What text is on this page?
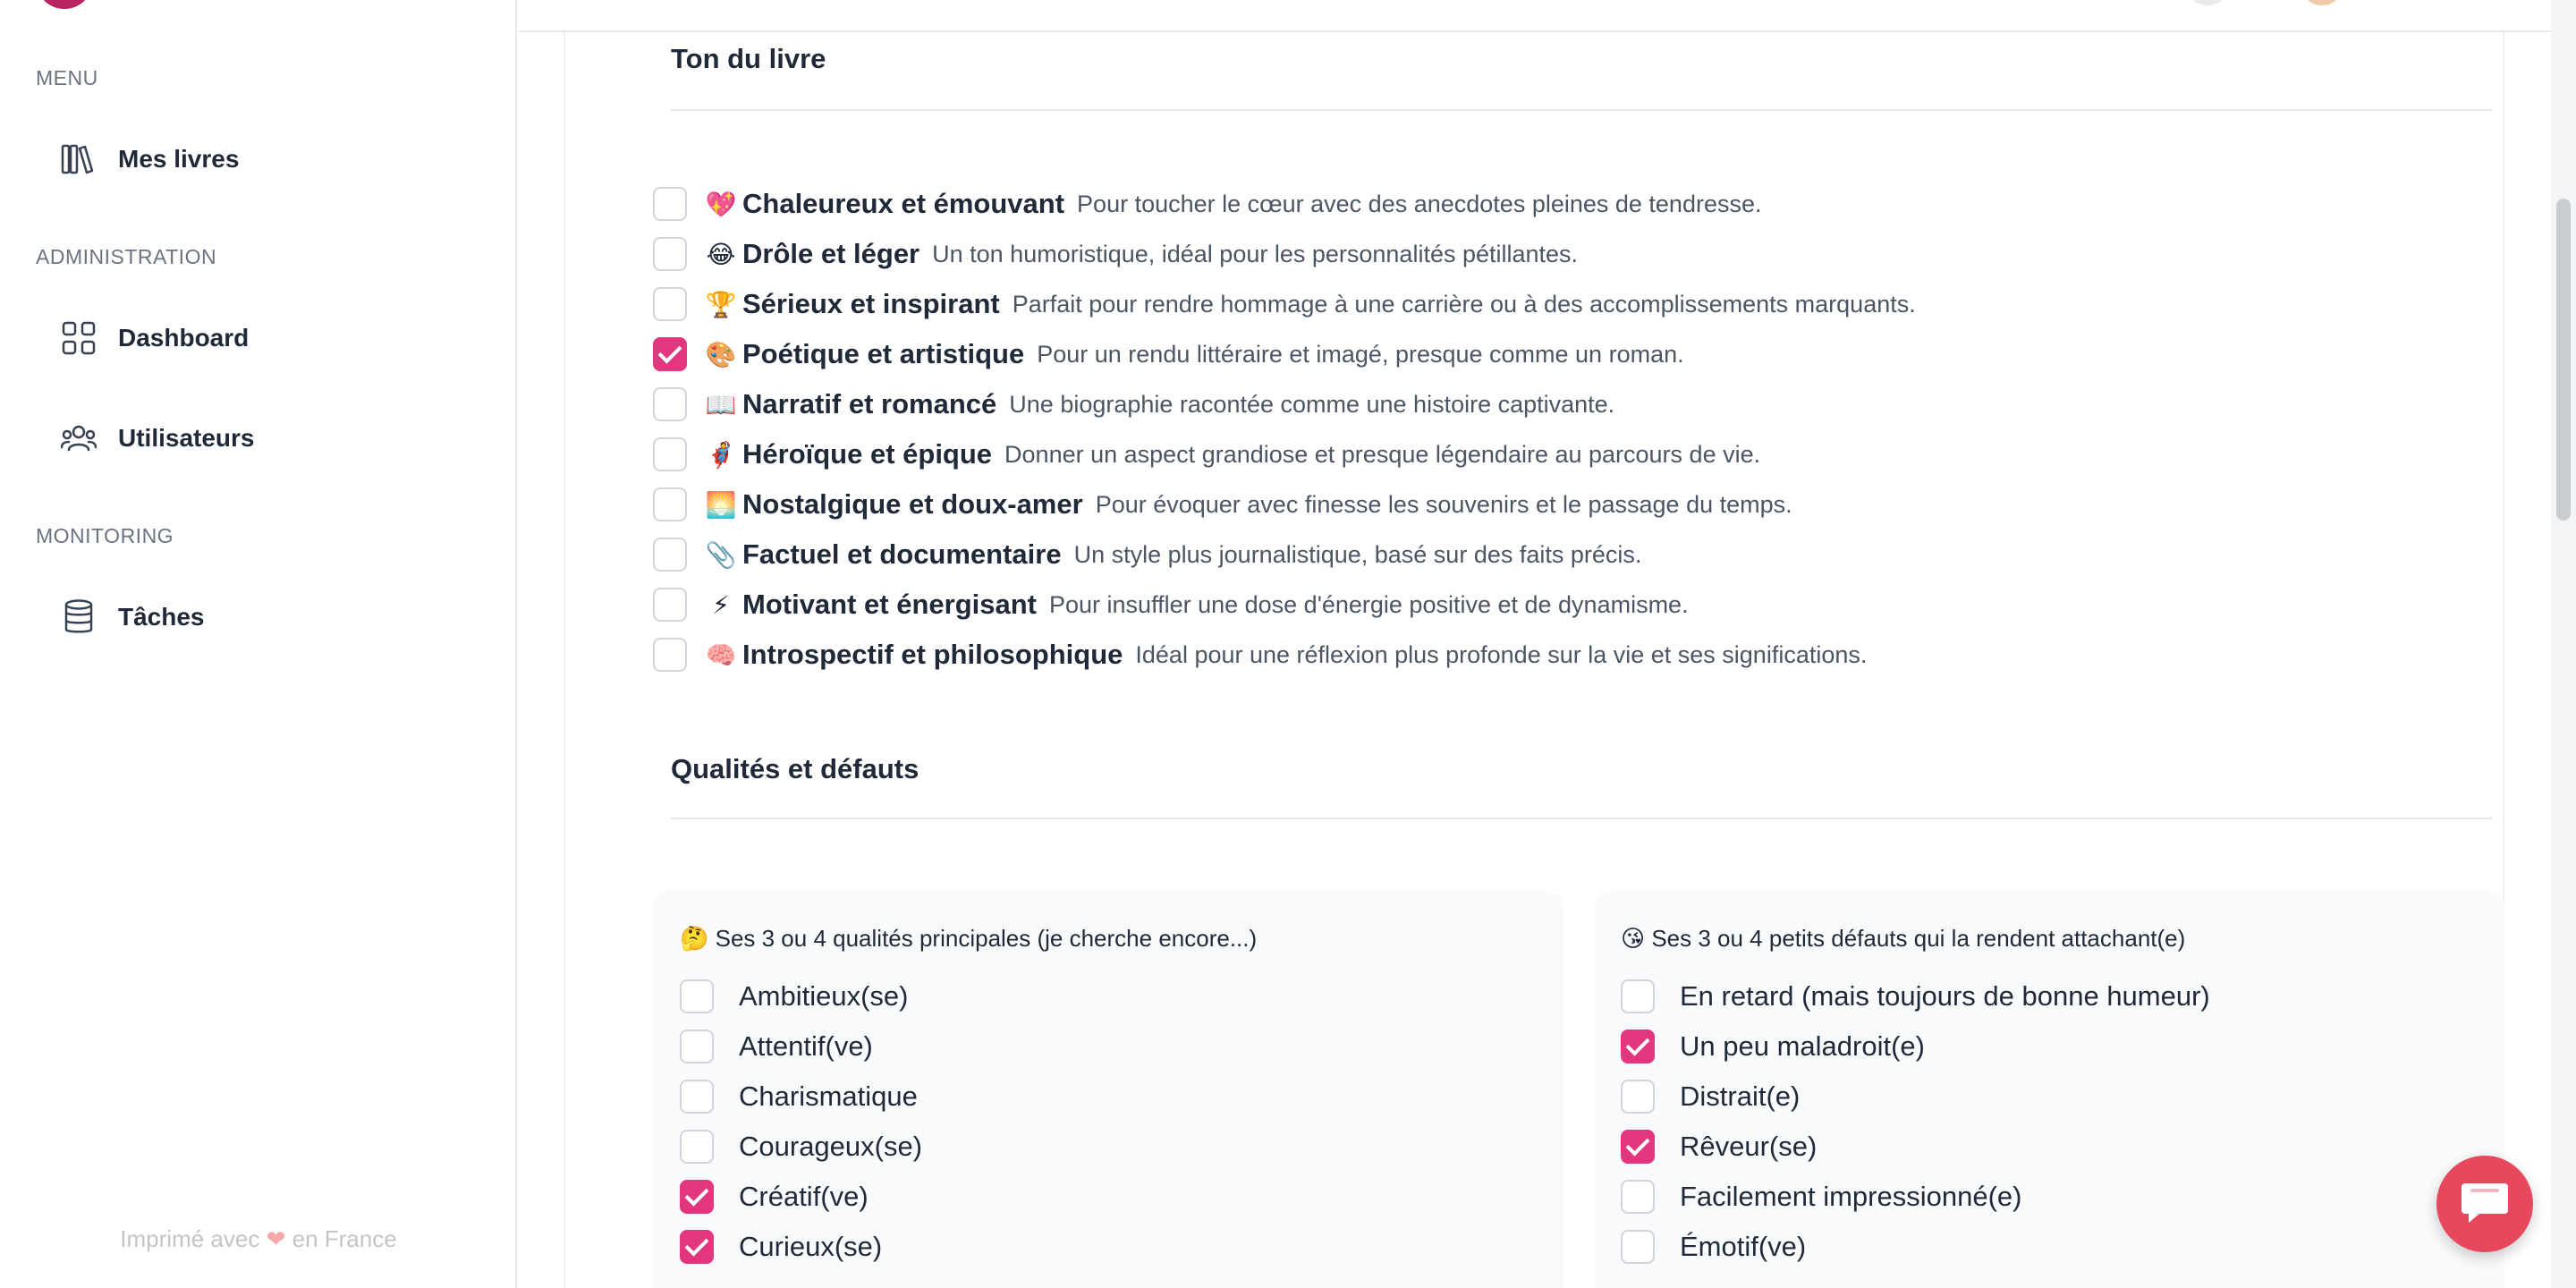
MENU
Mes livres
ADMINISTRATION
Dashboard
Utilisateurs
MONITORING
Tâches
Imprimé avec ❤ en France
Ton du livre
💖 Chaleureux et émouvant Pour toucher le cœur avec des anecdotes pleines de tendresse.
😂 Drôle et léger Un ton humoristique, idéal pour les personnalités pétillantes.
🏆 Sérieux et inspirant Parfait pour rendre hommage à une carrière ou à des accomplissements marquants.
🎨 Poétique et artistique Pour un rendu littéraire et imagé, presque comme un roman.
📖 Narratif et romancé Une biographie racontée comme une histoire captivante.
🦸 Héroïque et épique Donner un aspect grandiose et presque légendaire au parcours de vie.
🌅 Nostalgique et doux-amer Pour évoquer avec finesse les souvenirs et le passage du temps.
📎 Factuel et documentaire Un style plus journalistique, basé sur des faits précis.
⚡ Motivant et énergisant Pour insuffler une dose d'énergie positive et de dynamisme.
🧠 Introspectif et philosophique Idéal pour une réflexion plus profonde sur la vie et ses significations.
Qualités et défauts
🤔 Ses 3 ou 4 qualités principales (je cherche encore...)
Ambitieux(se)
Attentif(ve)
Charismatique
Courageux(se)
Créatif(ve)
Curieux(se)
😘 Ses 3 ou 4 petits défauts qui la rendent attachant(e)
En retard (mais toujours de bonne humeur)
Un peu maladroit(e)
Distrait(e)
Rêveur(se)
Facilement impressionné(e)
Émotif(ve)
